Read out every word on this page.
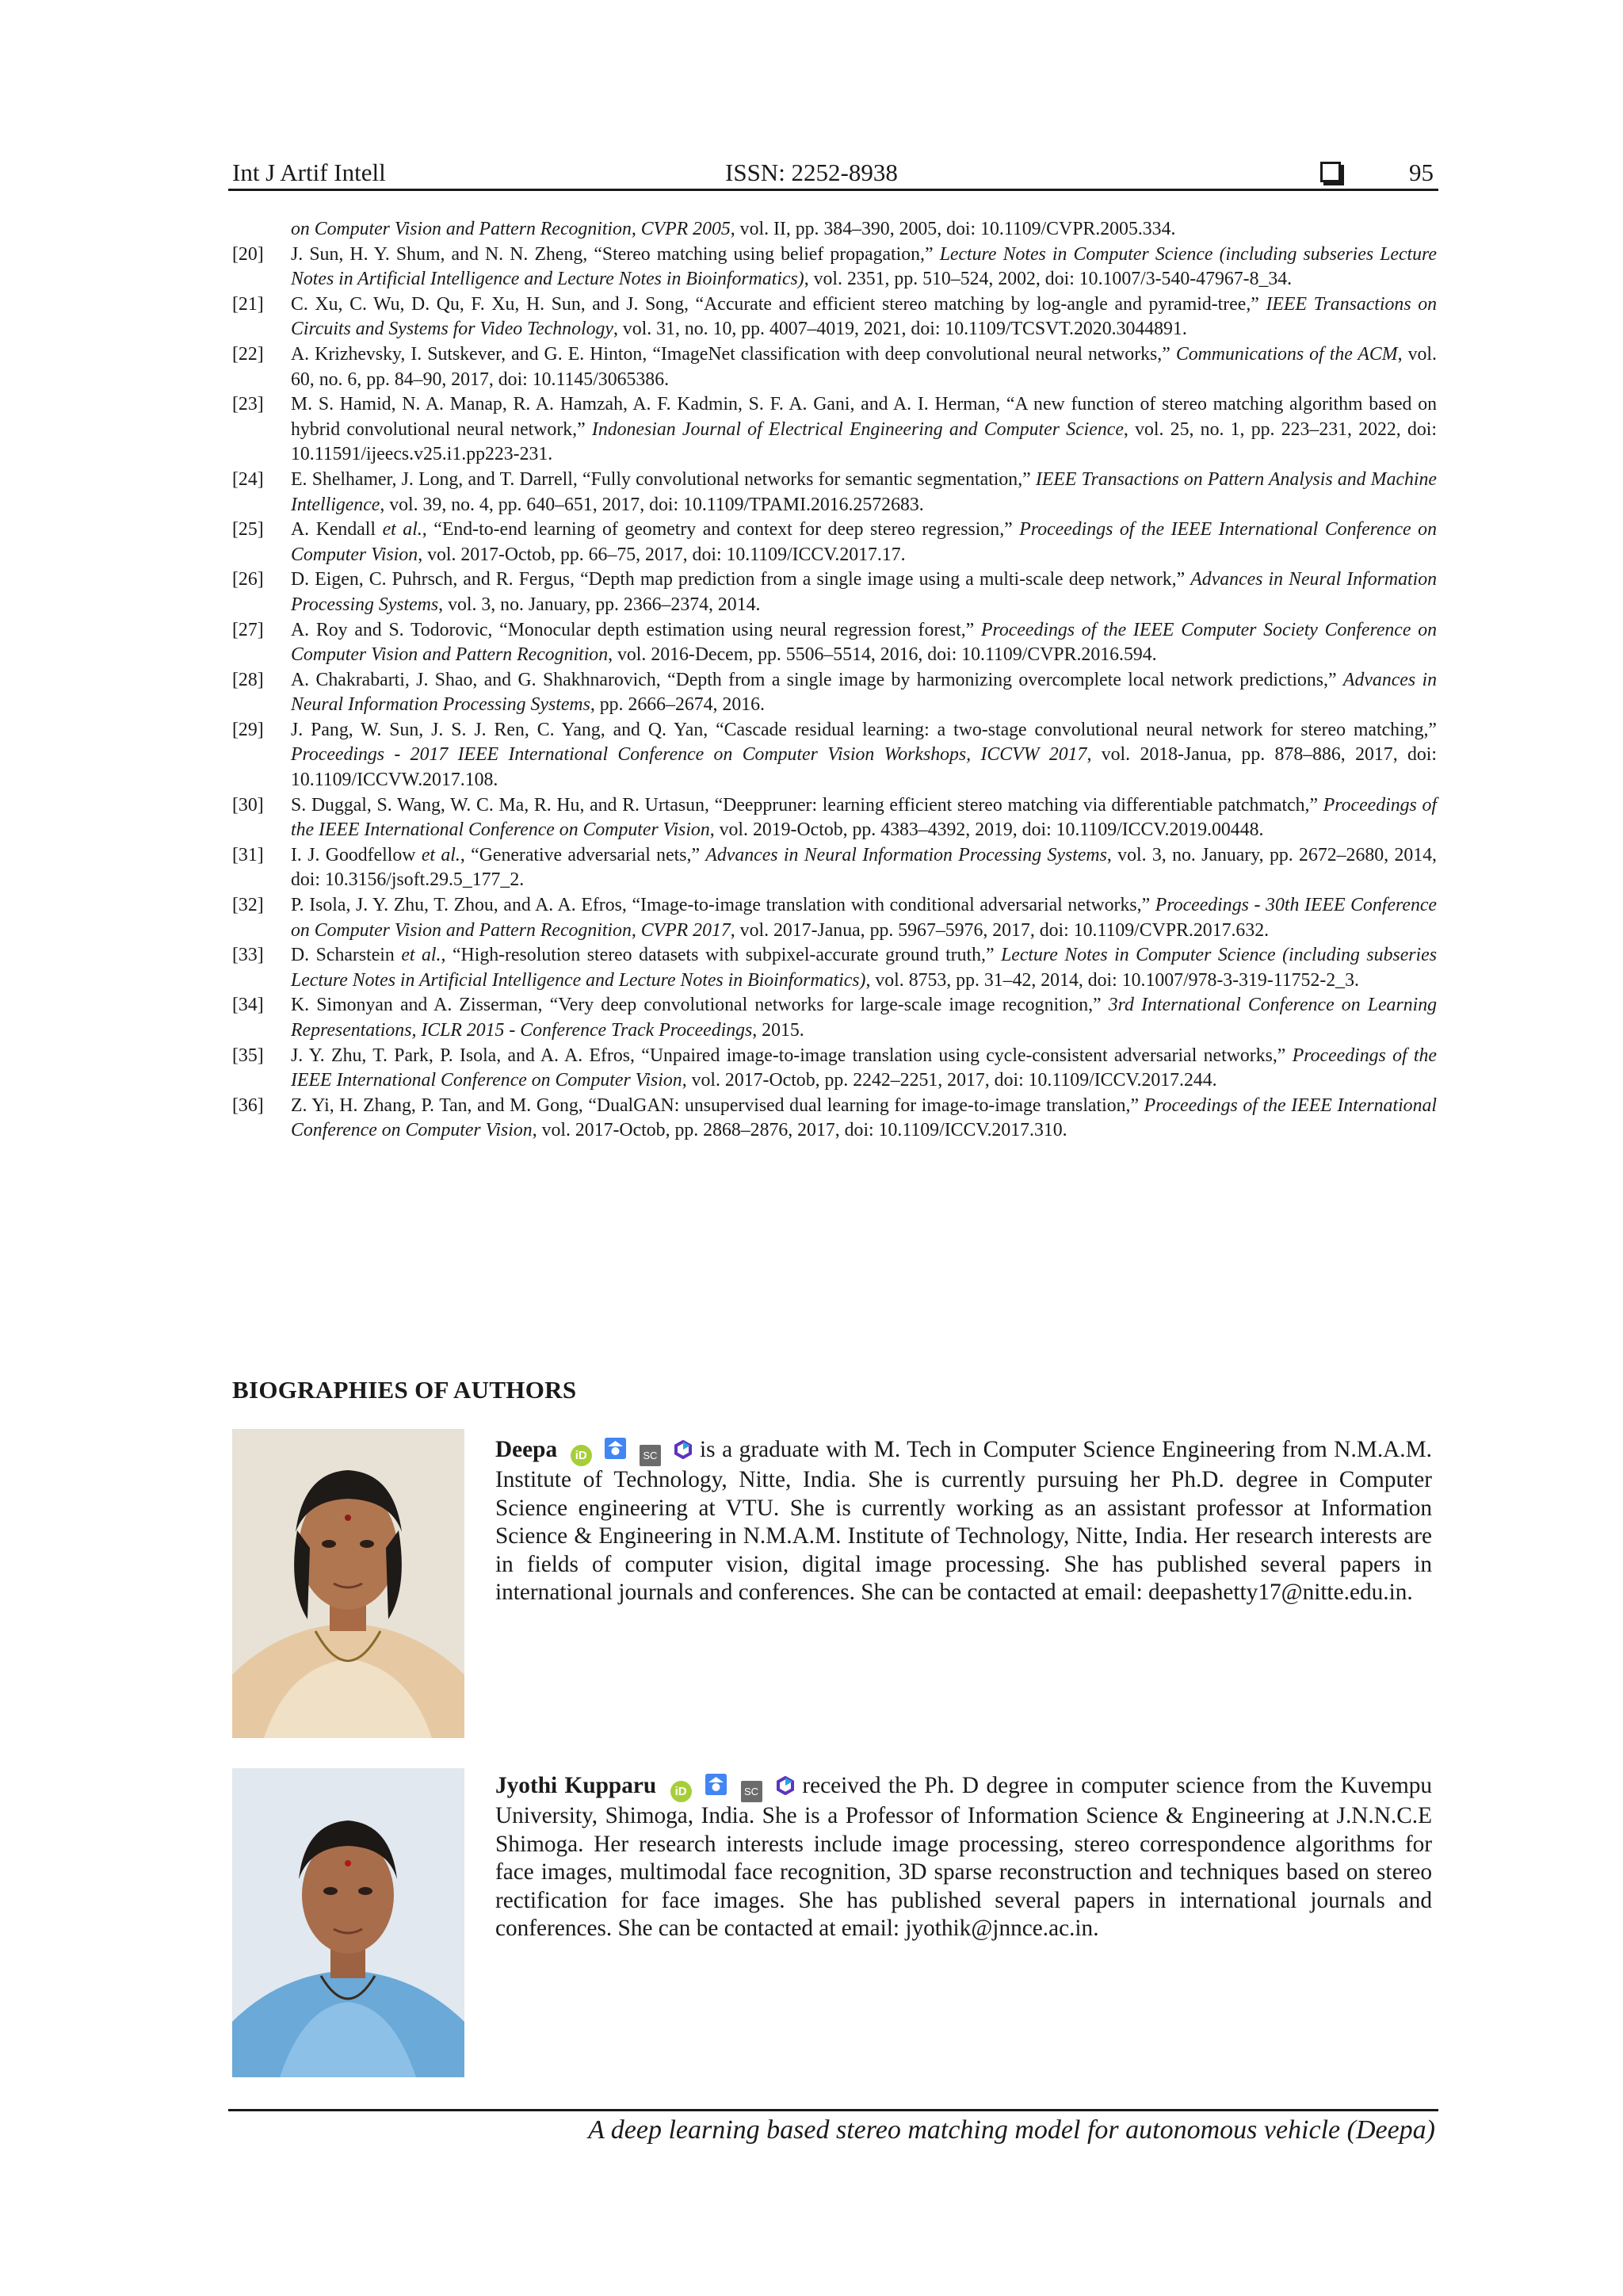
Int J Artif Intell	ISSN: 2252-8938	95
on Computer Vision and Pattern Recognition, CVPR 2005, vol. II, pp. 384–390, 2005, doi: 10.1109/CVPR.2005.334.
[20]	J. Sun, H. Y. Shum, and N. N. Zheng, “Stereo matching using belief propagation,” Lecture Notes in Computer Science (including subseries Lecture Notes in Artificial Intelligence and Lecture Notes in Bioinformatics), vol. 2351, pp. 510–524, 2002, doi: 10.1007/3-540-47967-8_34.
[21]	C. Xu, C. Wu, D. Qu, F. Xu, H. Sun, and J. Song, “Accurate and efficient stereo matching by log-angle and pyramid-tree,” IEEE Transactions on Circuits and Systems for Video Technology, vol. 31, no. 10, pp. 4007–4019, 2021, doi: 10.1109/TCSVT.2020.3044891.
[22]	A. Krizhevsky, I. Sutskever, and G. E. Hinton, “ImageNet classification with deep convolutional neural networks,” Communications of the ACM, vol. 60, no. 6, pp. 84–90, 2017, doi: 10.1145/3065386.
[23]	M. S. Hamid, N. A. Manap, R. A. Hamzah, A. F. Kadmin, S. F. A. Gani, and A. I. Herman, “A new function of stereo matching algorithm based on hybrid convolutional neural network,” Indonesian Journal of Electrical Engineering and Computer Science, vol. 25, no. 1, pp. 223–231, 2022, doi: 10.11591/ijeecs.v25.i1.pp223-231.
[24]	E. Shelhamer, J. Long, and T. Darrell, “Fully convolutional networks for semantic segmentation,” IEEE Transactions on Pattern Analysis and Machine Intelligence, vol. 39, no. 4, pp. 640–651, 2017, doi: 10.1109/TPAMI.2016.2572683.
[25]	A. Kendall et al., “End-to-end learning of geometry and context for deep stereo regression,” Proceedings of the IEEE International Conference on Computer Vision, vol. 2017-Octob, pp. 66–75, 2017, doi: 10.1109/ICCV.2017.17.
[26]	D. Eigen, C. Puhrsch, and R. Fergus, “Depth map prediction from a single image using a multi-scale deep network,” Advances in Neural Information Processing Systems, vol. 3, no. January, pp. 2366–2374, 2014.
[27]	A. Roy and S. Todorovic, “Monocular depth estimation using neural regression forest,” Proceedings of the IEEE Computer Society Conference on Computer Vision and Pattern Recognition, vol. 2016-Decem, pp. 5506–5514, 2016, doi: 10.1109/CVPR.2016.594.
[28]	A. Chakrabarti, J. Shao, and G. Shakhnarovich, “Depth from a single image by harmonizing overcomplete local network predictions,” Advances in Neural Information Processing Systems, pp. 2666–2674, 2016.
[29]	J. Pang, W. Sun, J. S. J. Ren, C. Yang, and Q. Yan, “Cascade residual learning: a two-stage convolutional neural network for stereo matching,” Proceedings - 2017 IEEE International Conference on Computer Vision Workshops, ICCVW 2017, vol. 2018-Janua, pp. 878–886, 2017, doi: 10.1109/ICCVW.2017.108.
[30]	S. Duggal, S. Wang, W. C. Ma, R. Hu, and R. Urtasun, “Deeppruner: learning efficient stereo matching via differentiable patchmatch,” Proceedings of the IEEE International Conference on Computer Vision, vol. 2019-Octob, pp. 4383–4392, 2019, doi: 10.1109/ICCV.2019.00448.
[31]	I. J. Goodfellow et al., “Generative adversarial nets,” Advances in Neural Information Processing Systems, vol. 3, no. January, pp. 2672–2680, 2014, doi: 10.3156/jsoft.29.5_177_2.
[32]	P. Isola, J. Y. Zhu, T. Zhou, and A. A. Efros, “Image-to-image translation with conditional adversarial networks,” Proceedings - 30th IEEE Conference on Computer Vision and Pattern Recognition, CVPR 2017, vol. 2017-Janua, pp. 5967–5976, 2017, doi: 10.1109/CVPR.2017.632.
[33]	D. Scharstein et al., “High-resolution stereo datasets with subpixel-accurate ground truth,” Lecture Notes in Computer Science (including subseries Lecture Notes in Artificial Intelligence and Lecture Notes in Bioinformatics), vol. 8753, pp. 31–42, 2014, doi: 10.1007/978-3-319-11752-2_3.
[34]	K. Simonyan and A. Zisserman, “Very deep convolutional networks for large-scale image recognition,” 3rd International Conference on Learning Representations, ICLR 2015 - Conference Track Proceedings, 2015.
[35]	J. Y. Zhu, T. Park, P. Isola, and A. A. Efros, “Unpaired image-to-image translation using cycle-consistent adversarial networks,” Proceedings of the IEEE International Conference on Computer Vision, vol. 2017-Octob, pp. 2242–2251, 2017, doi: 10.1109/ICCV.2017.244.
[36]	Z. Yi, H. Zhang, P. Tan, and M. Gong, “DualGAN: unsupervised dual learning for image-to-image translation,” Proceedings of the IEEE International Conference on Computer Vision, vol. 2017-Octob, pp. 2868–2876, 2017, doi: 10.1109/ICCV.2017.310.
BIOGRAPHIES OF AUTHORS
Deepa iD	SC is a graduate with M. Tech in Computer Science Engineering from N.M.A.M. Institute of Technology, Nitte, India. She is currently pursuing her Ph.D. degree in Computer Science engineering at VTU. She is currently working as an assistant professor at Information Science & Engineering in N.M.A.M. Institute of Technology, Nitte, India. Her research interests are in fields of computer vision, digital image processing. She has published several papers in international journals and conferences. She can be contacted at email: deepashetty17@nitte.edu.in.
Jyothi Kupparu iD	SC received the Ph. D degree in computer science from the Kuvempu University, Shimoga, India. She is a Professor of Information Science & Engineering at J.N.N.C.E Shimoga. Her research interests include image processing, stereo correspondence algorithms for face images, multimodal face recognition, 3D sparse reconstruction and techniques based on stereo rectification for face images. She has published several papers in international journals and conferences. She can be contacted at email: jyothik@jnnce.ac.in.
A deep learning based stereo matching model for autonomous vehicle (Deepa)
